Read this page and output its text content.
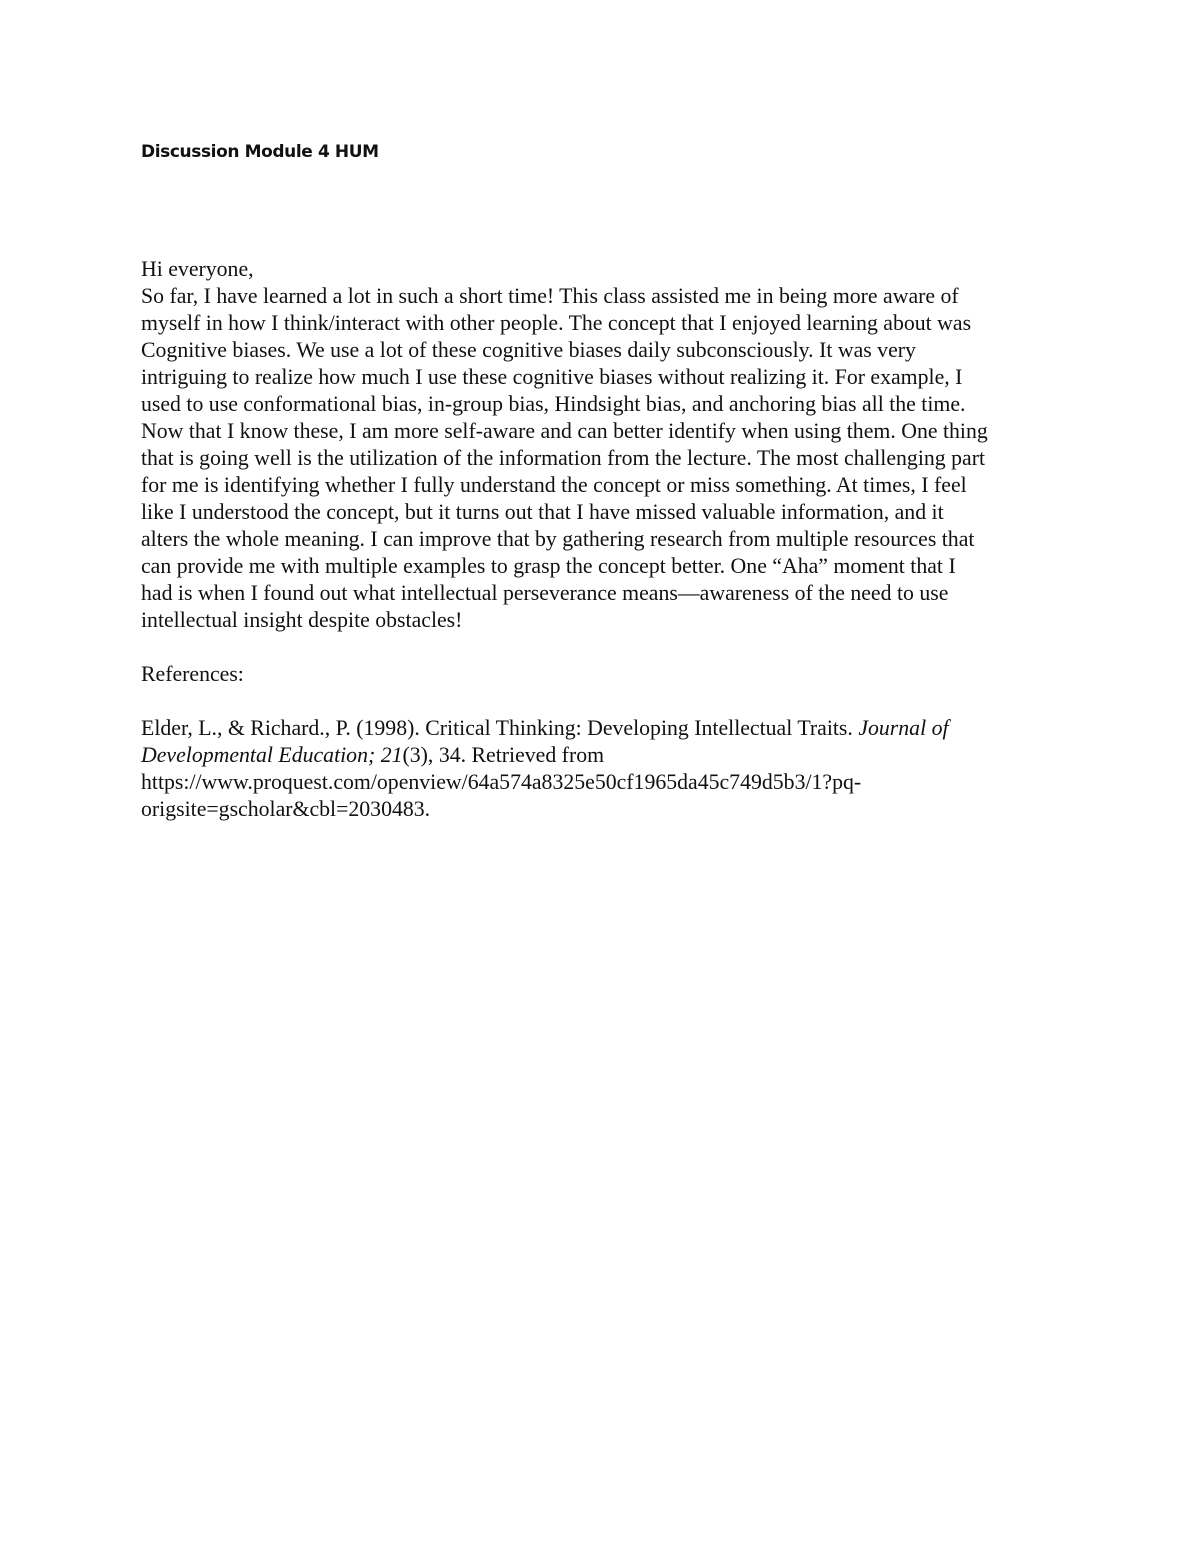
Discussion Module 4 HUM
Hi everyone,
So far, I have learned a lot in such a short time! This class assisted me in being more aware of
myself in how I think/interact with other people. The concept that I enjoyed learning about was
Cognitive biases. We use a lot of these cognitive biases daily subconsciously. It was very
intriguing to realize how much I use these cognitive biases without realizing it. For example, I
used to use conformational bias, in-group bias, Hindsight bias, and anchoring bias all the time.
Now that I know these, I am more self-aware and can better identify when using them. One thing
that is going well is the utilization of the information from the lecture. The most challenging part
for me is identifying whether I fully understand the concept or miss something. At times, I feel
like I understood the concept, but it turns out that I have missed valuable information, and it
alters the whole meaning. I can improve that by gathering research from multiple resources that
can provide me with multiple examples to grasp the concept better. One “Aha” moment that I
had is when I found out what intellectual perseverance means—awareness of the need to use
intellectual insight despite obstacles!
References:
Elder, L., & Richard., P. (1998). Critical Thinking: Developing Intellectual Traits. Journal of
Developmental Education; 21(3), 34. Retrieved from
https://www.proquest.com/openview/64a574a8325e50cf1965da45c749d5b3/1?pq-
origsite=gscholar&cbl=2030483.
